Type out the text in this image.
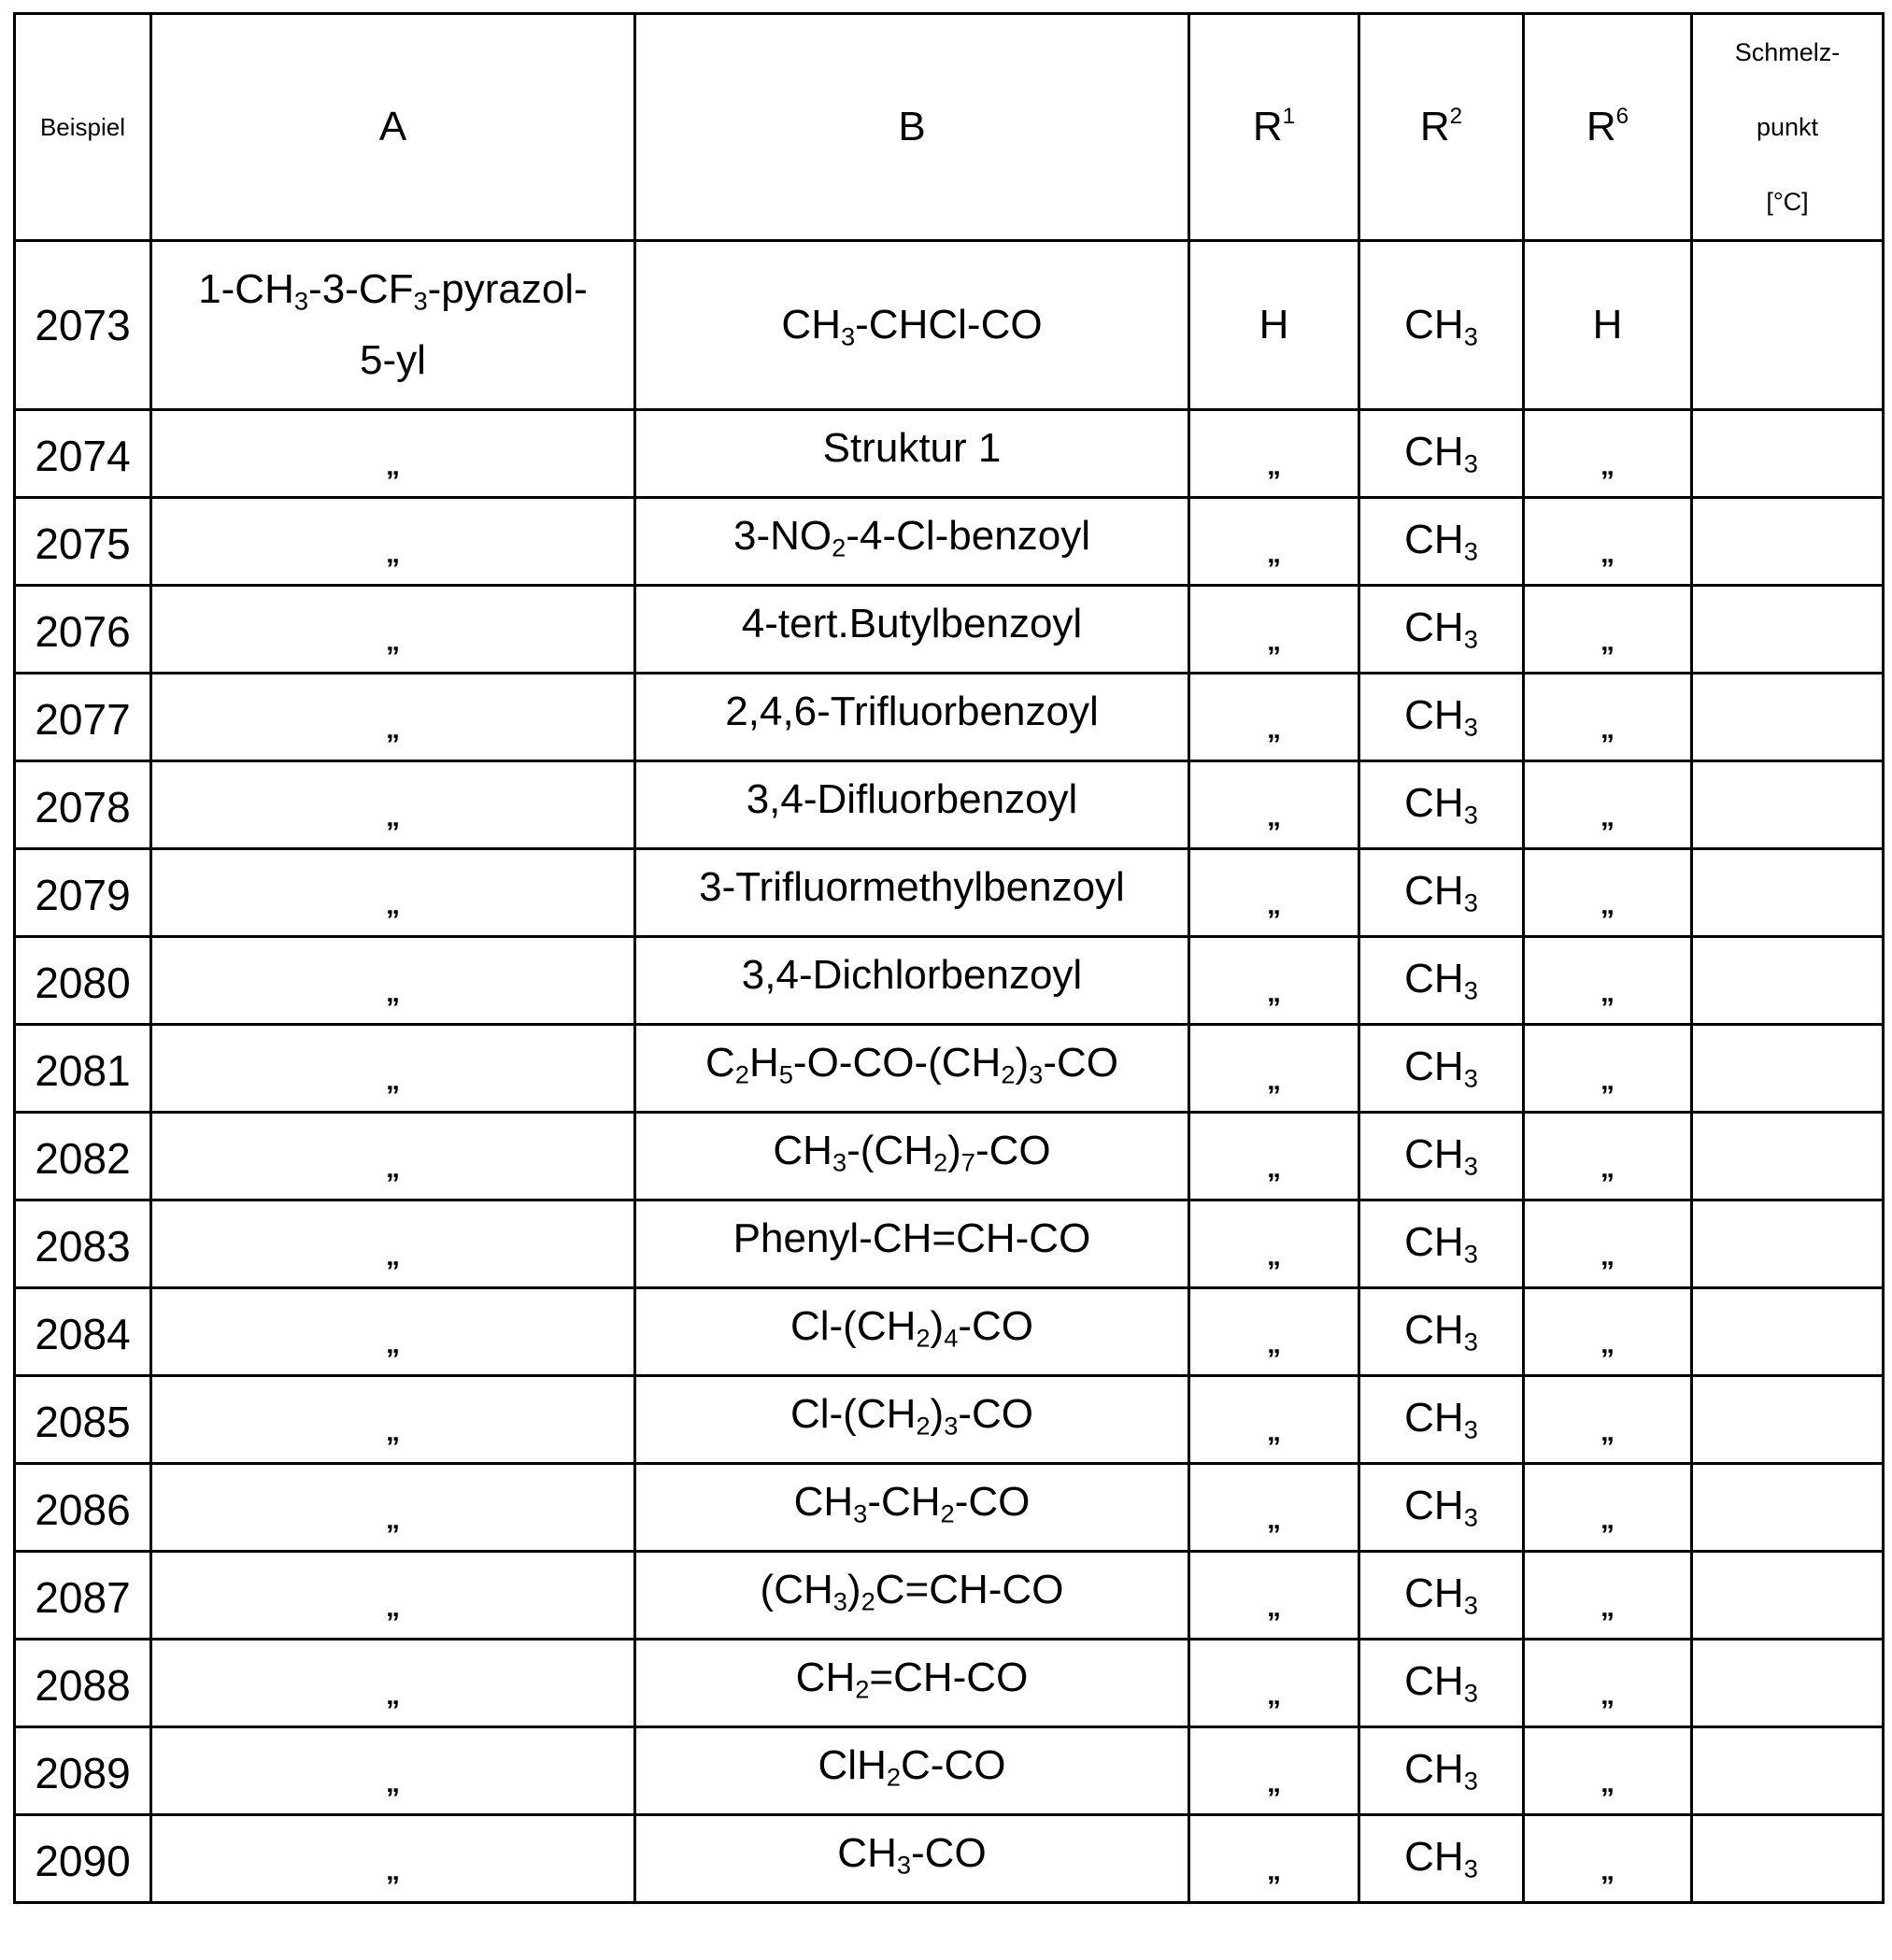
Beispiel	A	B	$R^1$	$R^2$	$R^6$	Schmelz-
punkt
[°C]

2073	$1-CH_3-3-CF_3-pyrazol-$
5-yl	$CH_3-CHCl-CO$	H	$CH_3$	H	
2074	„	Struktur 1	„	$CH_3$	„	
2075	„	$3-NO_2-4-Cl$-benzoyl	„	$CH_3$	„	
2076	„	4-tert.Butylbenzoyl	„	$CH_3$	„	
2077	„	2,4,6-Trifluorbenzoyl	„	$CH_3$	„	
2078	„	3,4-Difluorbenzoyl	„	$CH_3$	„	
2079	„	3-Trifluormethylbenzoyl	„	$CH_3$	„	
2080	„	3,4-Dichlorbenzoyl	„	$CH_3$	„	
2081	„	$C_2H_5-O-CO-(CH_2)_3-CO$	„	$CH_3$	„	
2082	„	$CH_3-(CH_2)_7-CO$	„	$CH_3$	„	
2083	„	Phenyl-CH=CH-CO	„	$CH_3$	„	
2084	„	$Cl-(CH_2)_4-CO$	„	$CH_3$	„	
2085	„	$Cl-(CH_2)_3-CO$	„	$CH_3$	„	
2086	„	$CH_3-CH_2-CO$	„	$CH_3$	„	
2087	„	$(CH_3)_2C=CH-CO$	„	$CH_3$	„	
2088	„	$CH_2=CH-CO$	„	$CH_3$	„	
2089	„	ClH$_2$C-CO	„	$CH_3$	„	
2090	„	$CH_3-CO$	„	$CH_3$	„	
